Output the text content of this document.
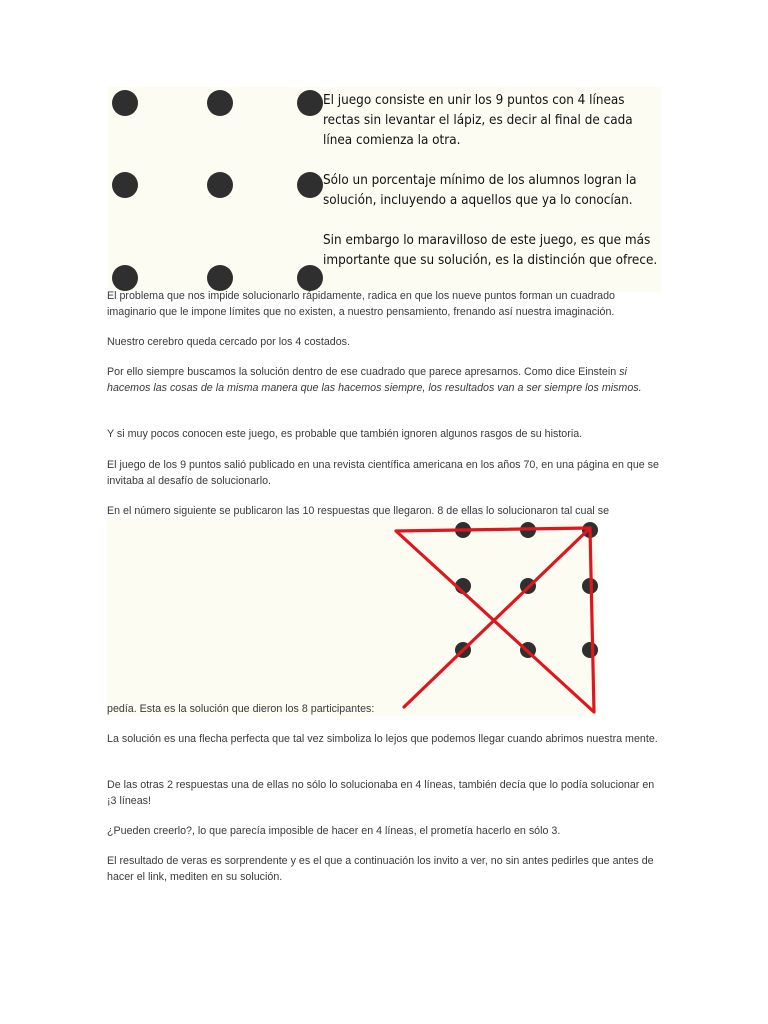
El juego consiste en unir los 9 puntos con 4 líneas rectas sin levantar el lápiz, es decir al final de cada línea comienza la otra.

Sólo un porcentaje mínimo de los alumnos logran la solución, incluyendo a aquellos que ya lo conocían.

Sin embargo lo maravilloso de este juego, es que más importante que su solución, es la distinción que ofrece.

El problema que nos impide solucionarlo rápidamente, radica en que los nueve puntos forman un cuadrado imaginario que le impone límites que no existen, a nuestro pensamiento, frenando así nuestra imaginación.

Nuestro cerebro queda cercado por los 4 costados.

Por ello siempre buscamos la solución dentro de ese cuadrado que parece apresarnos. Como dice Einstein si hacemos las cosas de la misma manera que las hacemos siempre, los resultados van a ser siempre los mismos.

Y si muy pocos conocen este juego, es probable que también ignoren algunos rasgos de su historia.

El juego de los 9 puntos salió publicado en una revista científica americana en los años 70, en una página en que se invitaba al desafío de solucionarlo.

En el número siguiente se publicaron las 10 respuestas que llegaron. 8 de ellas lo solucionaron tal cual se

pedía. Esta es la solución que dieron los 8 participantes:

La solución es una flecha perfecta que tal vez simboliza lo lejos que podemos llegar cuando abrimos nuestra mente.

De las otras 2 respuestas una de ellas no sólo lo solucionaba en 4 líneas, también decía que lo podía solucionar en ¡3 líneas!

¿Pueden creerlo?, lo que parecía imposible de hacer en 4 líneas, el prometía hacerlo en sólo 3.

El resultado de veras es sorprendente y es el que a continuación los invito a ver, no sin antes pedirles que antes de hacer el link, mediten en su solución.
